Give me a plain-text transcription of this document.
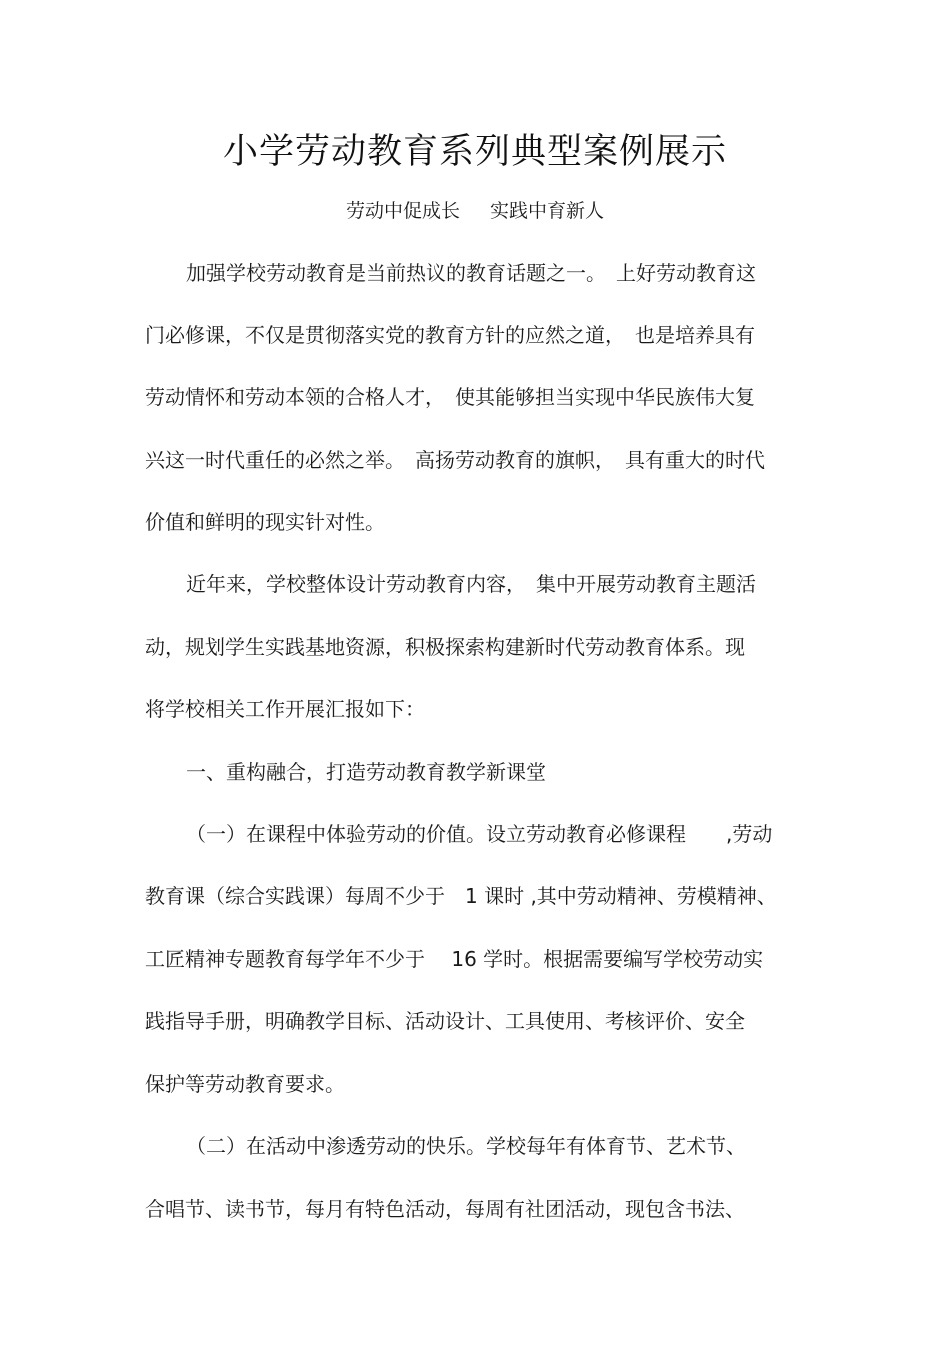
小学劳动教育系列典型案例展示
劳动中促成长 实践中育新人
加强学校劳动教育是当前热议的教育话题之一。　上好劳动教育这
门必修课，不仅是贯彻落实党的教育方针的应然之道，　也是培养具有
劳动情怀和劳动本领的合格人才，　使其能够担当实现中华民族伟大复
兴这一时代重任的必然之举。　高扬劳动教育的旗帜，　具有重大的时代
价值和鲜明的现实针对性。
近年来，学校整体设计劳动教育内容，　集中开展劳动教育主题活
动，规划学生实践基地资源，积极探索构建新时代劳动教育体系。现
将学校相关工作开展汇报如下：
一、重构融合，打造劳动教育教学新课堂
（一）在课程中体验劳动的价值。设立劳动教育必修课程　　,劳动
教育课（综合实践课）每周不少于　1 课时 ,其中劳动精神、劳模精神、
工匠精神专题教育每学年不少于　 16 学时。根据需要编写学校劳动实
践指导手册，明确教学目标、活动设计、工具使用、考核评价、安全
保护等劳动教育要求。
（二）在活动中渗透劳动的快乐。学校每年有体育节、艺术节、
合唱节、读书节，每月有特色活动，每周有社团活动，现包含书法、
